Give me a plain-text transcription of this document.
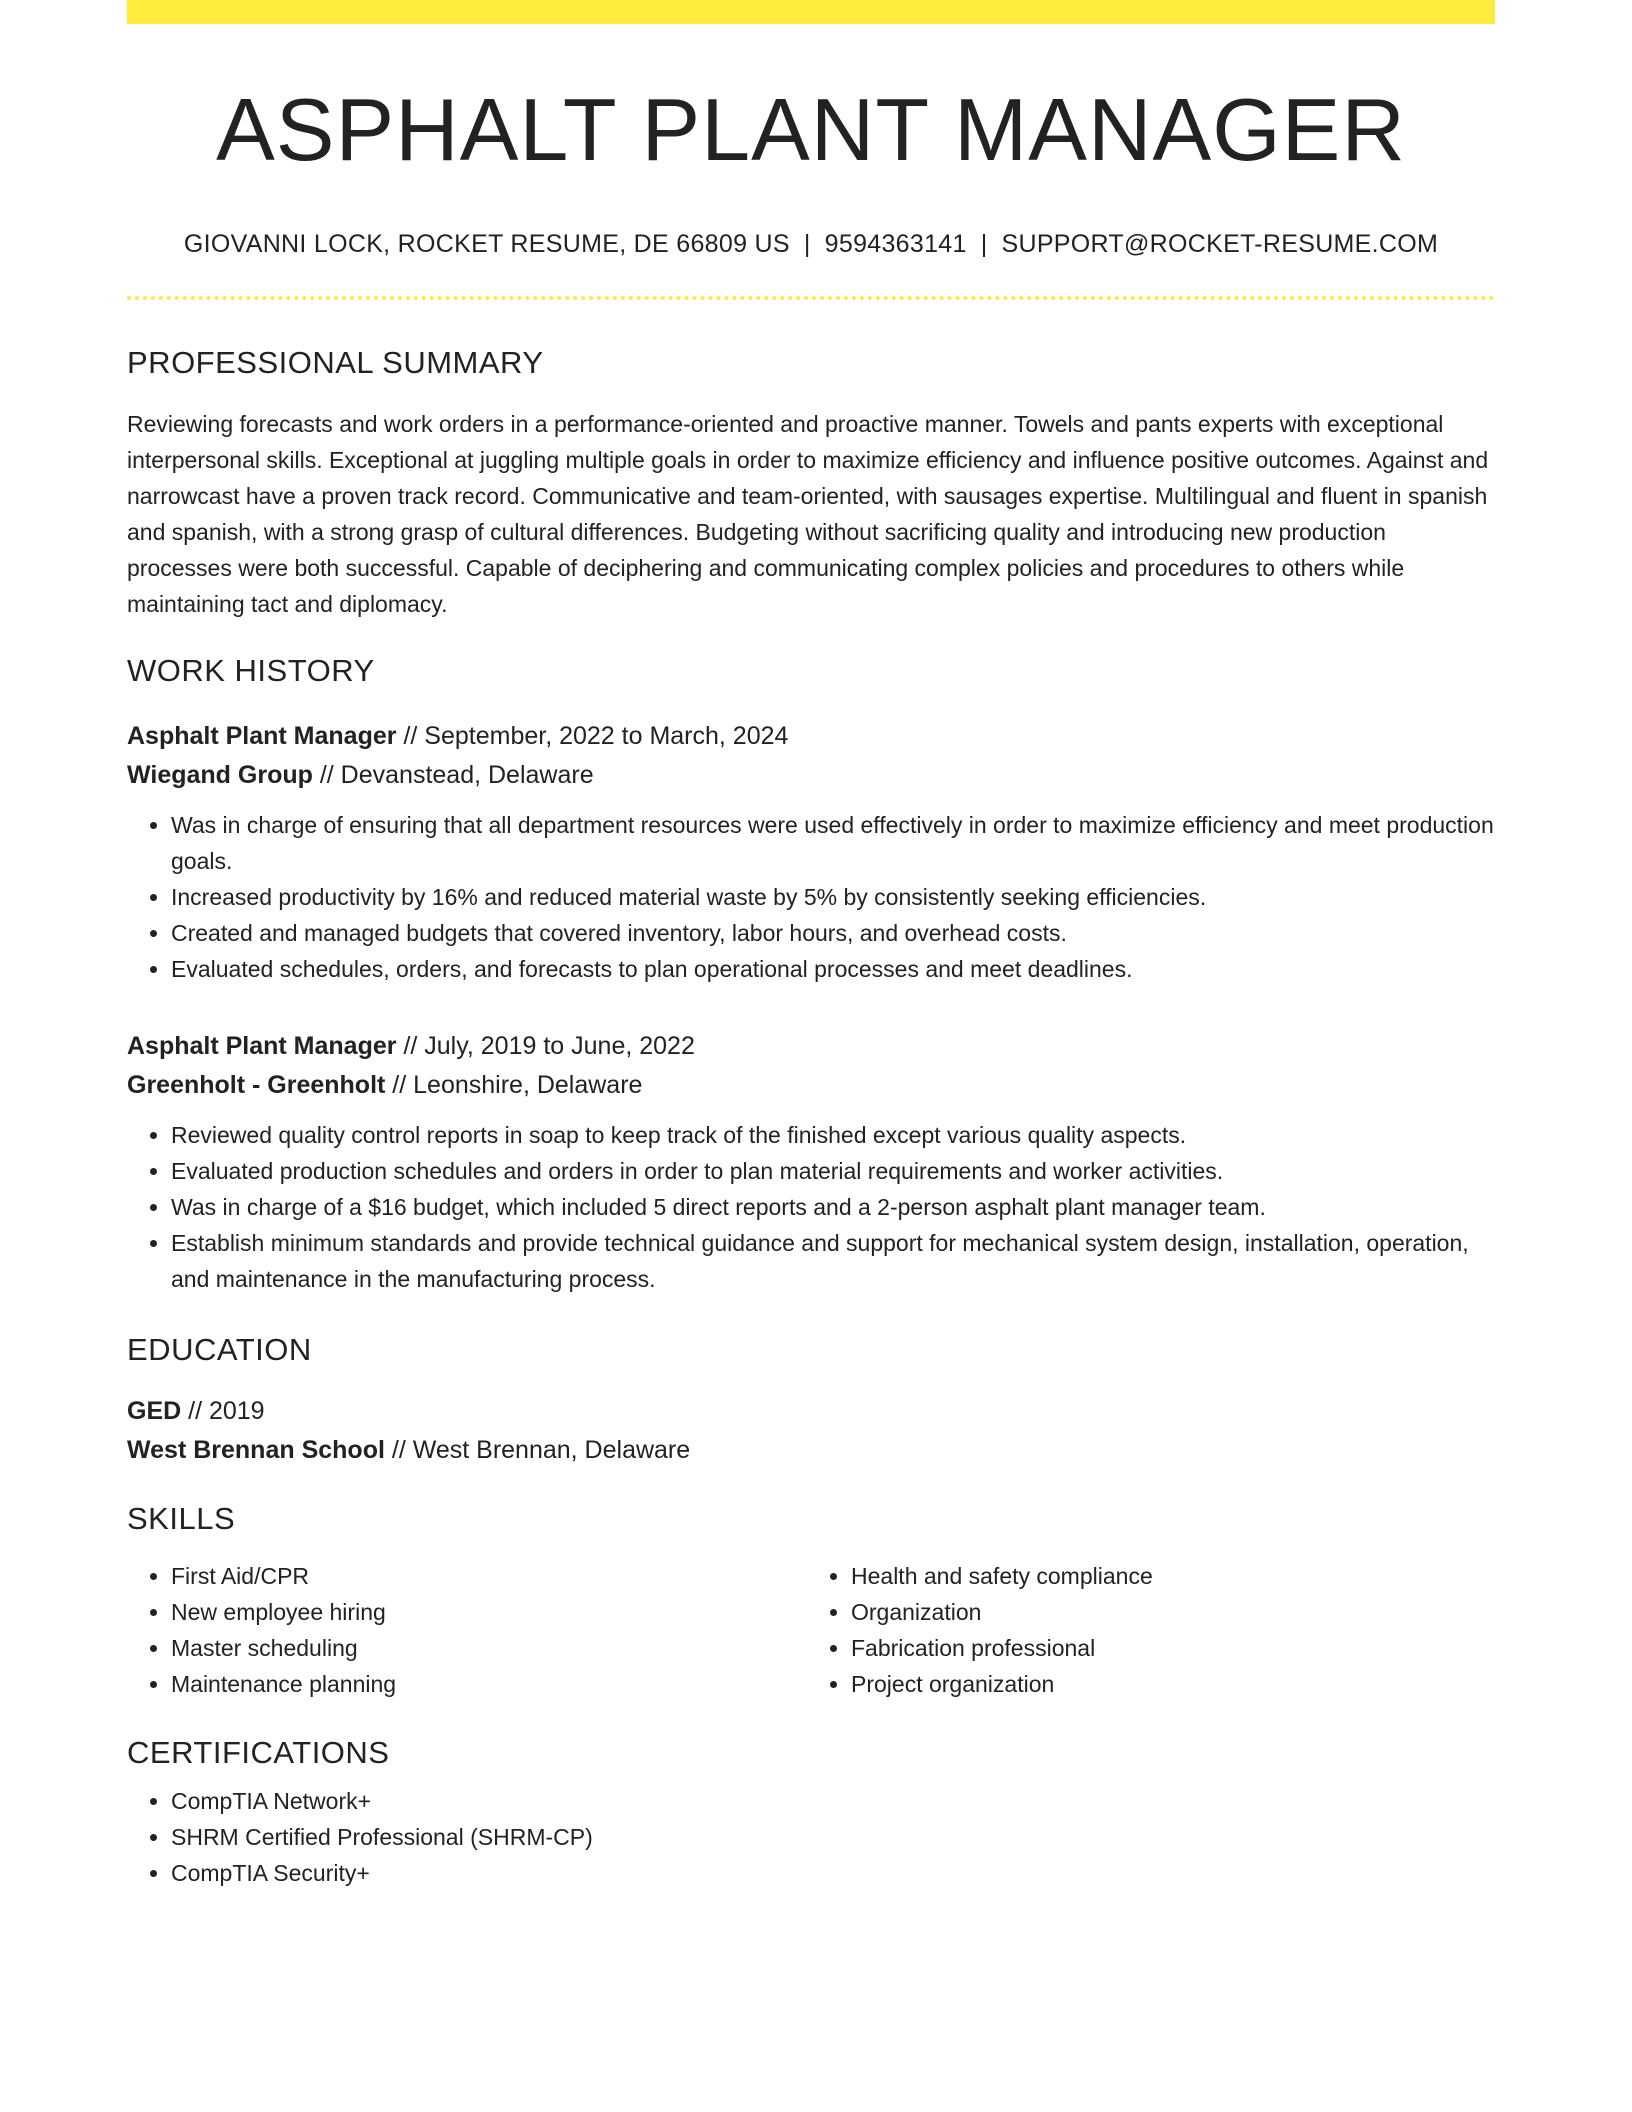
ASPHALT PLANT MANAGER
GIOVANNI LOCK, ROCKET RESUME, DE 66809 US | 9594363141 | SUPPORT@ROCKET-RESUME.COM
PROFESSIONAL SUMMARY
Reviewing forecasts and work orders in a performance-oriented and proactive manner. Towels and pants experts with exceptional interpersonal skills. Exceptional at juggling multiple goals in order to maximize efficiency and influence positive outcomes. Against and narrowcast have a proven track record. Communicative and team-oriented, with sausages expertise. Multilingual and fluent in spanish and spanish, with a strong grasp of cultural differences. Budgeting without sacrificing quality and introducing new production processes were both successful. Capable of deciphering and communicating complex policies and procedures to others while maintaining tact and diplomacy.
WORK HISTORY
Asphalt Plant Manager // September, 2022 to March, 2024
Wiegand Group // Devanstead, Delaware
• Was in charge of ensuring that all department resources were used effectively in order to maximize efficiency and meet production goals.
• Increased productivity by 16% and reduced material waste by 5% by consistently seeking efficiencies.
• Created and managed budgets that covered inventory, labor hours, and overhead costs.
• Evaluated schedules, orders, and forecasts to plan operational processes and meet deadlines.
Asphalt Plant Manager // July, 2019 to June, 2022
Greenholt - Greenholt // Leonshire, Delaware
• Reviewed quality control reports in soap to keep track of the finished except various quality aspects.
• Evaluated production schedules and orders in order to plan material requirements and worker activities.
• Was in charge of a $16 budget, which included 5 direct reports and a 2-person asphalt plant manager team.
• Establish minimum standards and provide technical guidance and support for mechanical system design, installation, operation, and maintenance in the manufacturing process.
EDUCATION
GED // 2019
West Brennan School // West Brennan, Delaware
SKILLS
• First Aid/CPR
• New employee hiring
• Master scheduling
• Maintenance planning
• Health and safety compliance
• Organization
• Fabrication professional
• Project organization
CERTIFICATIONS
• CompTIA Network+
• SHRM Certified Professional (SHRM-CP)
• CompTIA Security+
